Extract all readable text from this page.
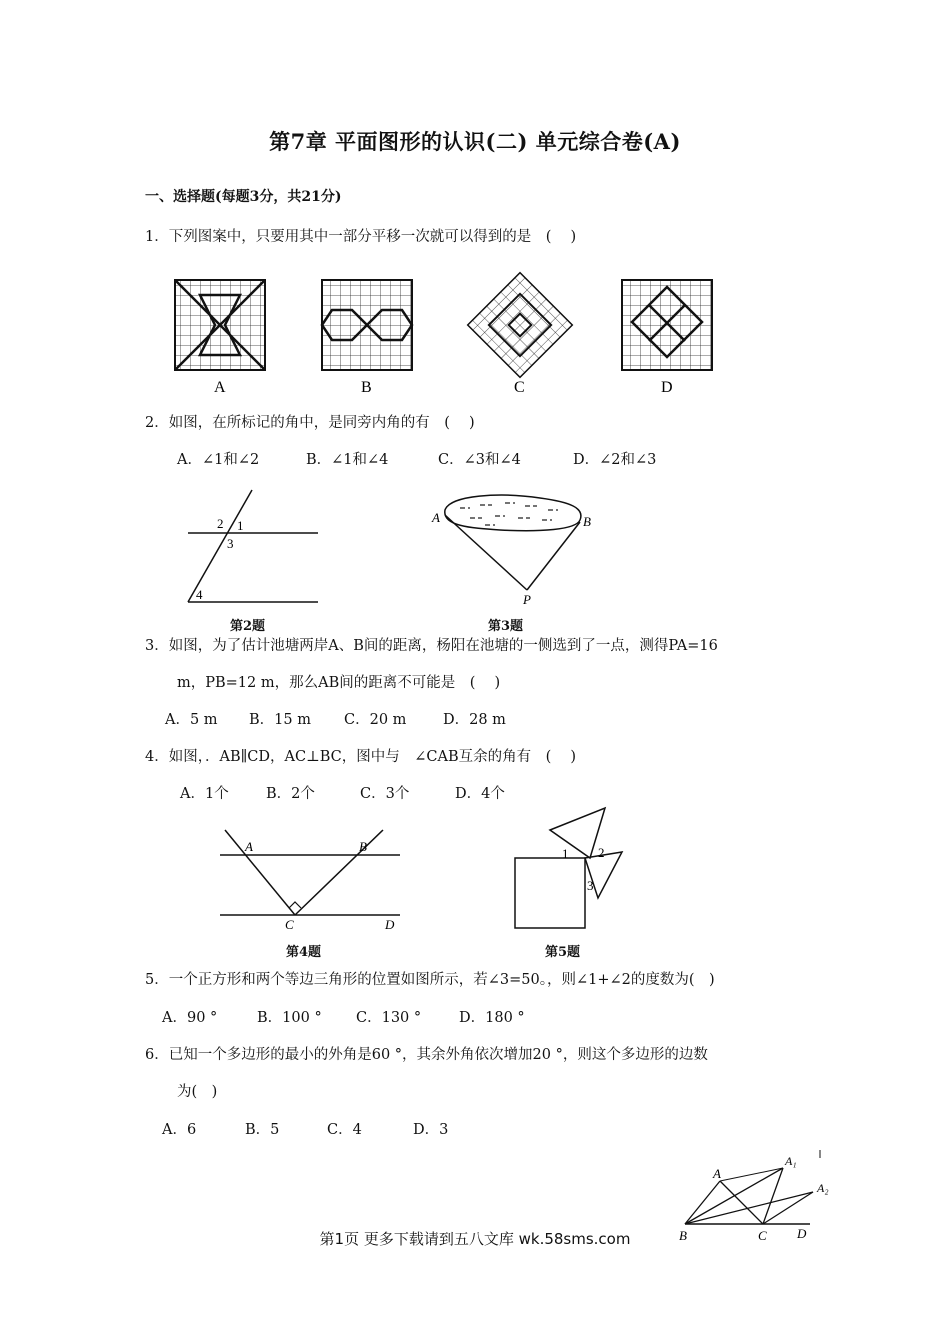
第7章 平面图形的认识(二) 单元综合卷(A)
一、选择题(每题3分，共21分)
1．下列图案中，只要用其中一部分平移一次就可以得到的是　( 　)
A	B	C	D
2．如图，在所标记的角中，是同旁内角的有　( 　)
A．∠1和∠2	B．∠1和∠4	C．∠3和∠4	D．∠2和∠3
2 1
3
4
第2题
A	B
P
第3题
3．如图，为了估计池塘两岸A、B间的距离，杨阳在池塘的一侧选到了一点，测得PA=16
m，PB=12 m，那么AB间的距离不可能是　( 　)
A．5 m B．15 m C．20 m	D．28 m
4．如图，．AB∥CD，AC⊥BC，图中与　∠CAB互余的角有　( 　)
A．1个	B．2个	C．3个	D．4个
A	B
C	D
第4题
1 2
3
第5题
5．一个正方形和两个等边三角形的位置如图所示，若∠3=50。，则∠1+∠2的度数为(　)
A．90 °	B．100 ° C．130 °	D．180 °
6．已知一个多边形的最小的外角是60 °，其余外角依次增加20 °，则这个多边形的边数
为(　)
A．6	B．5	C．4	D．3
A
A₁
A₂
B	C D
第1页 更多下载请到五八文库 wk.58sms.com
